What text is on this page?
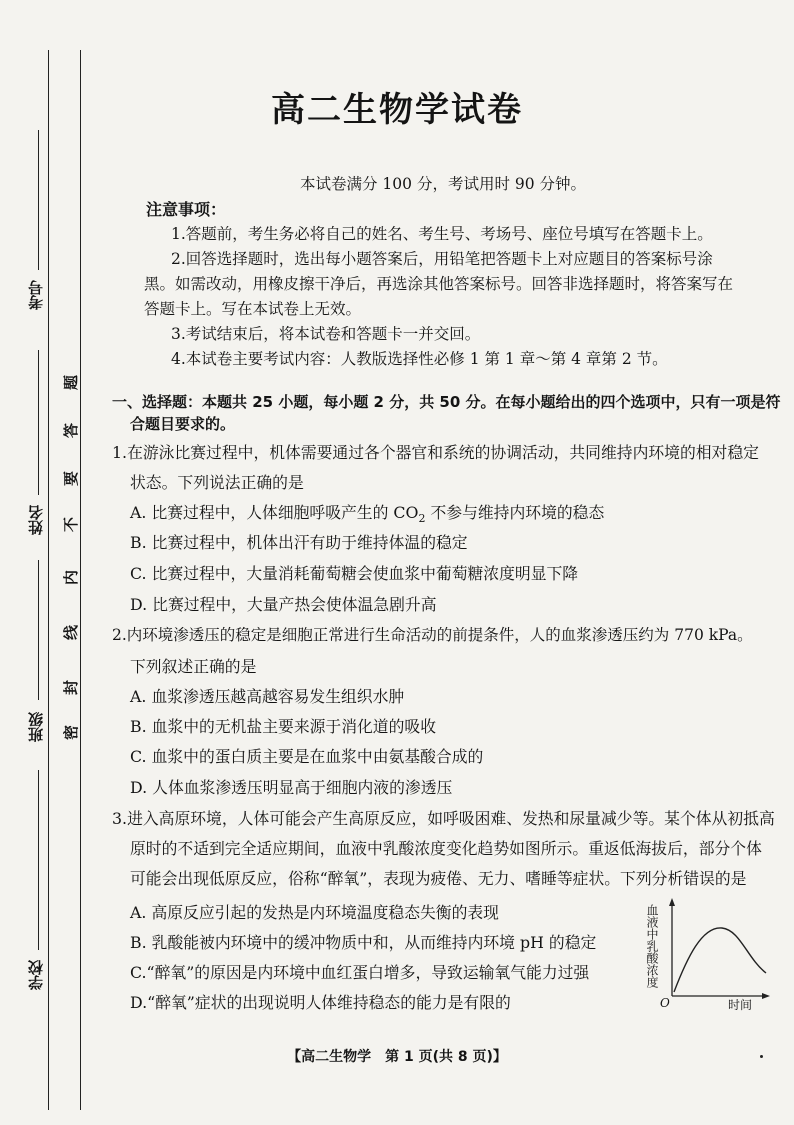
考号
姓名
班级
学校
密
封
线
内
不
要
答
题
高二生物学试卷
本试卷满分 100 分，考试用时 90 分钟。
注意事项：
1.答题前，考生务必将自己的姓名、考生号、考场号、座位号填写在答题卡上。
2.回答选择题时，选出每小题答案后，用铅笔把答题卡上对应题目的答案标号涂
黑。如需改动，用橡皮擦干净后，再选涂其他答案标号。回答非选择题时，将答案写在
答题卡上。写在本试卷上无效。
3.考试结束后，将本试卷和答题卡一并交回。
4.本试卷主要考试内容：人教版选择性必修 1 第 1 章～第 4 章第 2 节。
一、选择题：本题共 25 小题，每小题 2 分，共 50 分。在每小题给出的四个选项中，只有一项是符
合题目要求的。
1.在游泳比赛过程中，机体需要通过各个器官和系统的协调活动，共同维持内环境的相对稳定
状态。下列说法正确的是
A. 比赛过程中，人体细胞呼吸产生的 $CO_2$ 不参与维持内环境的稳态
B. 比赛过程中，机体出汗有助于维持体温的稳定
C. 比赛过程中，大量消耗葡萄糖会使血浆中葡萄糖浓度明显下降
D. 比赛过程中，大量产热会使体温急剧升高
2.内环境渗透压的稳定是细胞正常进行生命活动的前提条件，人的血浆渗透压约为 770 kPa。
下列叙述正确的是
A. 血浆渗透压越高越容易发生组织水肿
B. 血浆中的无机盐主要来源于消化道的吸收
C. 血浆中的蛋白质主要是在血浆中由氨基酸合成的
D. 人体血浆渗透压明显高于细胞内液的渗透压
3.进入高原环境，人体可能会产生高原反应，如呼吸困难、发热和尿量减少等。某个体从初抵高
原时的不适到完全适应期间，血液中乳酸浓度变化趋势如图所示。重返低海拔后，部分个体
可能会出现低原反应，俗称“醉氧”，表现为疲倦、无力、嗜睡等症状。下列分析错误的是
A. 高原反应引起的发热是内环境温度稳态失衡的表现
B. 乳酸能被内环境中的缓冲物质中和，从而维持内环境 pH 的稳定
C.“醉氧”的原因是内环境中血红蛋白增多，导致运输氧气能力过强
D.“醉氧”症状的出现说明人体维持稳态的能力是有限的
血液中乳酸浓度
O	时间
【高二生物学　第 1 页(共 8 页)】
